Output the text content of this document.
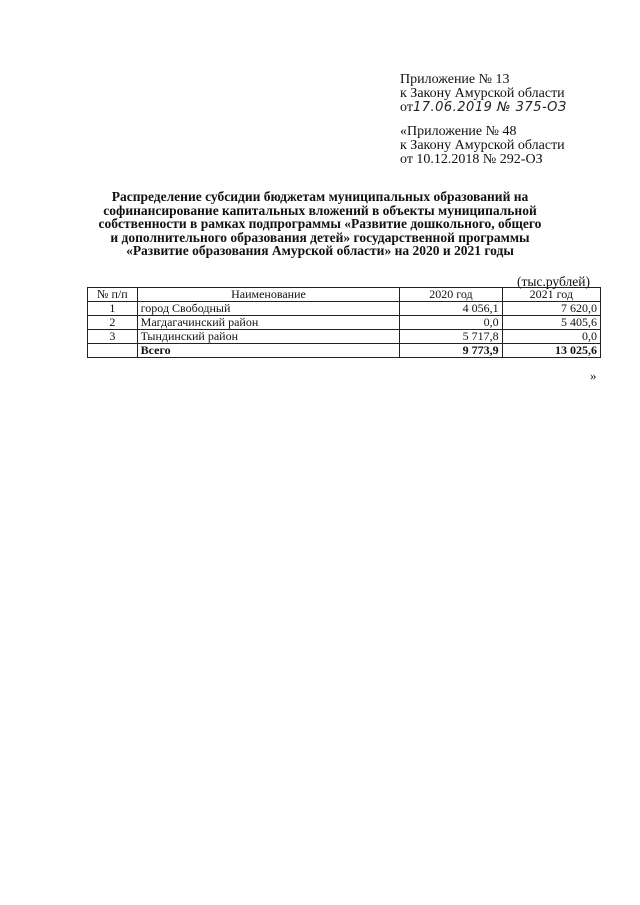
Приложение № 13
к Закону Амурской области
от17.06.2019 № 375-ОЗ
«Приложение № 48
к Закону Амурской области
от 10.12.2018 № 292-ОЗ
Распределение субсидии бюджетам муниципальных образований на
софинансирование капитальных вложений в объекты муниципальной
собственности в рамках подпрограммы «Развитие дошкольного, общего
и дополнительного образования детей» государственной программы
«Развитие образования Амурской области» на 2020 и 2021 годы
(тыс.рублей)
№ п/п	Наименование	2020 год	2021 год
1	город Свободный	4 056,1	7 620,0
2	Магдагачинский район	0,0	5 405,6
3	Тындинский район	5 717,8	0,0
	Всего	9 773,9	13 025,6
»
